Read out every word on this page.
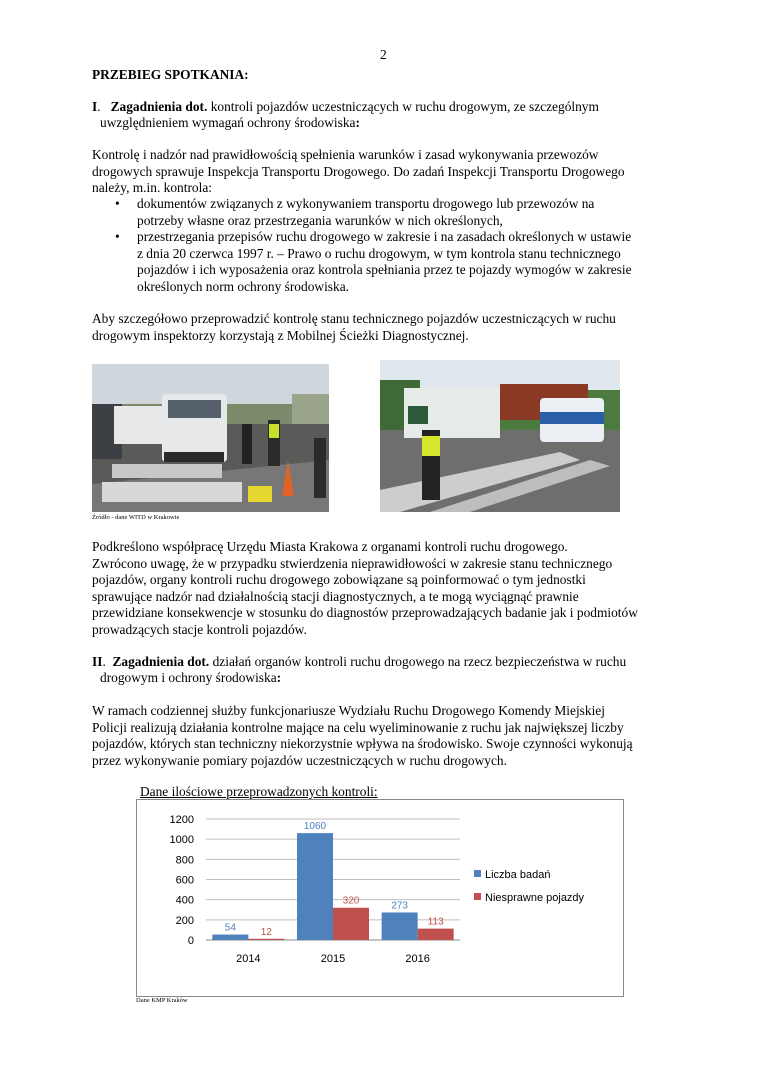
2
PRZEBIEG SPOTKANIA:
I.   Zagadnienia dot. kontroli pojazdów uczestniczących w ruchu drogowym, ze szczególnym
uwzględnieniem wymagań ochrony środowiska:
Kontrolę i nadzór nad prawidłowością spełnienia warunków i zasad wykonywania przewozów
drogowych sprawuje Inspekcja Transportu Drogowego. Do zadań Inspekcji Transportu Drogowego
należy, m.in. kontrola:
• dokumentów związanych z wykonywaniem transportu drogowego lub przewozów na
potrzeby własne oraz przestrzegania warunków w nich określonych,
• przestrzegania przepisów ruchu drogowego w zakresie i na zasadach określonych w ustawie
z dnia 20 czerwca 1997 r. – Prawo o ruchu drogowym, w tym kontrola stanu technicznego
pojazdów i ich wyposażenia oraz kontrola spełniania przez te pojazdy wymogów w zakresie
określonych norm ochrony środowiska.
Aby szczegółowo przeprowadzić kontrolę stanu technicznego pojazdów uczestniczących w ruchu
drogowym inspektorzy korzystają z Mobilnej Ścieżki Diagnostycznej.
Źródło - dane WITD w Krakowie
Podkreślono współpracę Urzędu Miasta Krakowa z organami kontroli ruchu drogowego.
Zwrócono uwagę, że w przypadku stwierdzenia nieprawidłowości w zakresie stanu technicznego
pojazdów, organy kontroli ruchu drogowego zobowiązane są poinformować o tym jednostki
sprawujące nadzór nad działalnością stacji diagnostycznych, a te mogą wyciągnąć prawnie
przewidziane konsekwencje w stosunku do diagnostów przeprowadzających badanie jak i podmiotów
prowadzących stacje kontroli pojazdów.
II.  Zagadnienia dot. działań organów kontroli ruchu drogowego na rzecz bezpieczeństwa w ruchu
drogowym i ochrony środowiska:
W ramach codziennej służby funkcjonariusze Wydziału Ruchu Drogowego Komendy Miejskiej
Policji realizują działania kontrolne mające na celu wyeliminowanie z ruchu jak największej liczby
pojazdów, których stan techniczny niekorzystnie wpływa na środowisko. Swoje czynności wykonują
przez wykonywanie pomiary pojazdów uczestniczących w ruchu drogowych.
Dane ilościowe przeprowadzonych kontroli:
0
200
400
600
800
1000
1200
2014
54 12
2015
1060
320
2016
273
113
Liczba badań
Niesprawne pojazdy
Dane KMP Kraków
